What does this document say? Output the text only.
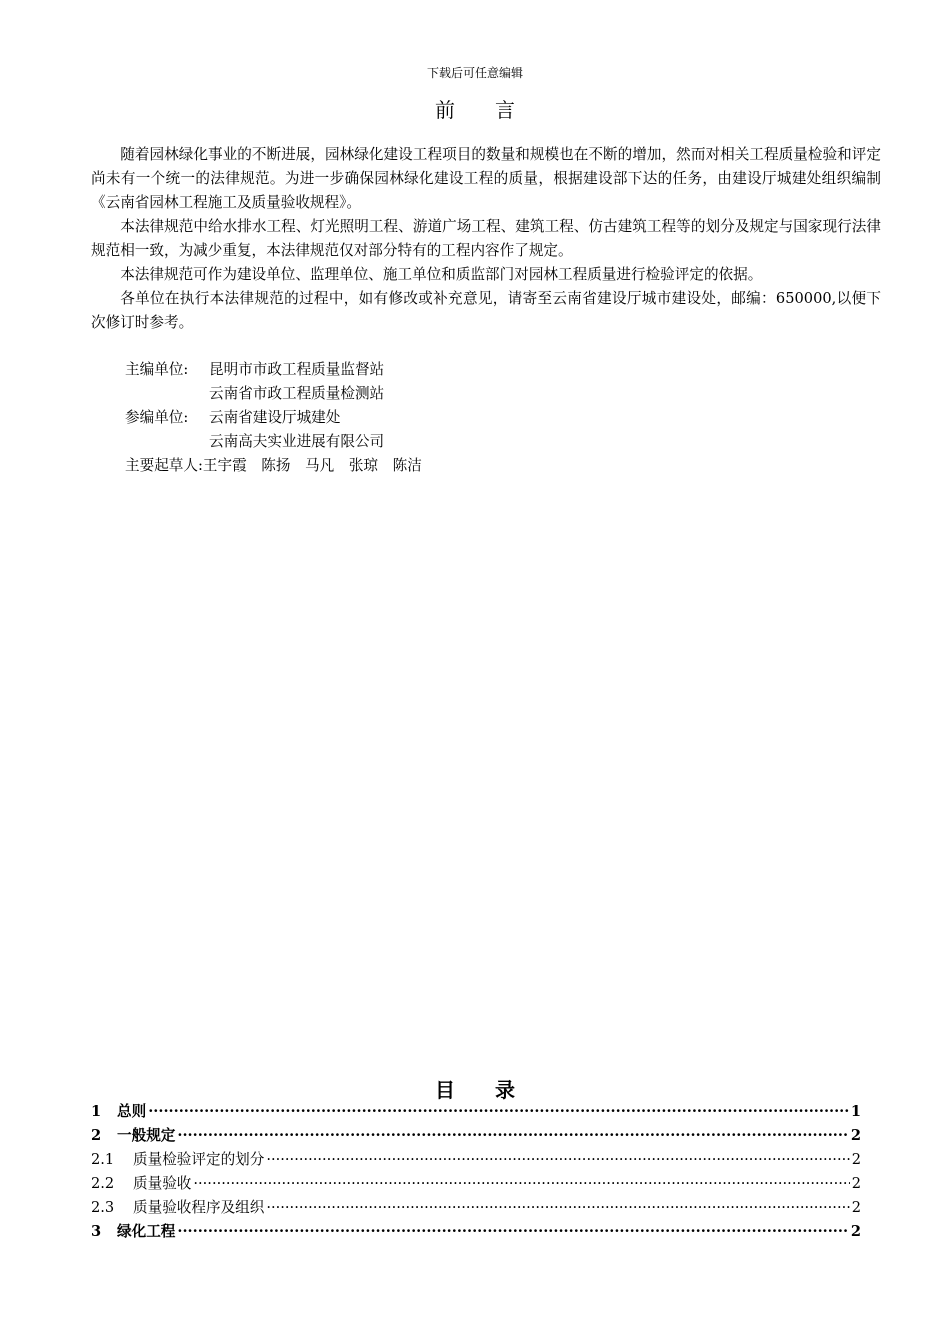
下载后可任意编辑
前言

随着园林绿化事业的不断进展，园林绿化建设工程项目的数量和规模也在不断的增加，然而对相关工程质量检验和评定尚未有一个统一的法律规范。为进一步确保园林绿化建设工程的质量，根据建设部下达的任务，由建设厅城建处组织编制《云南省园林工程施工及质量验收规程》。

本法律规范中给水排水工程、灯光照明工程、游道广场工程、建筑工程、仿古建筑工程等的划分及规定与国家现行法律规范相一致，为减少重复，本法律规范仅对部分特有的工程内容作了规定。

本法律规范可作为建设单位、监理单位、施工单位和质监部门对园林工程质量进行检验评定的依据。

各单位在执行本法律规范的过程中，如有修改或补充意见，请寄至云南省建设厅城市建设处，邮编：650000,以便下次修订时参考。

主编单位:	昆明市市政工程质量监督站
云南省市政工程质量检测站
参编单位:	云南省建设厅城建处
云南高夫实业进展有限公司
主要起草人: 王宇霞　陈扬　马凡　张琼　陈洁
目录
1	总则 ·····	1
2	一般规定 ·····	2
2.1	质量检验评定的划分 ·····	2
2.2	质量验收 ·····	2
2.3	质量验收程序及组织 ·····	2
3	绿化工程 ·····	2
